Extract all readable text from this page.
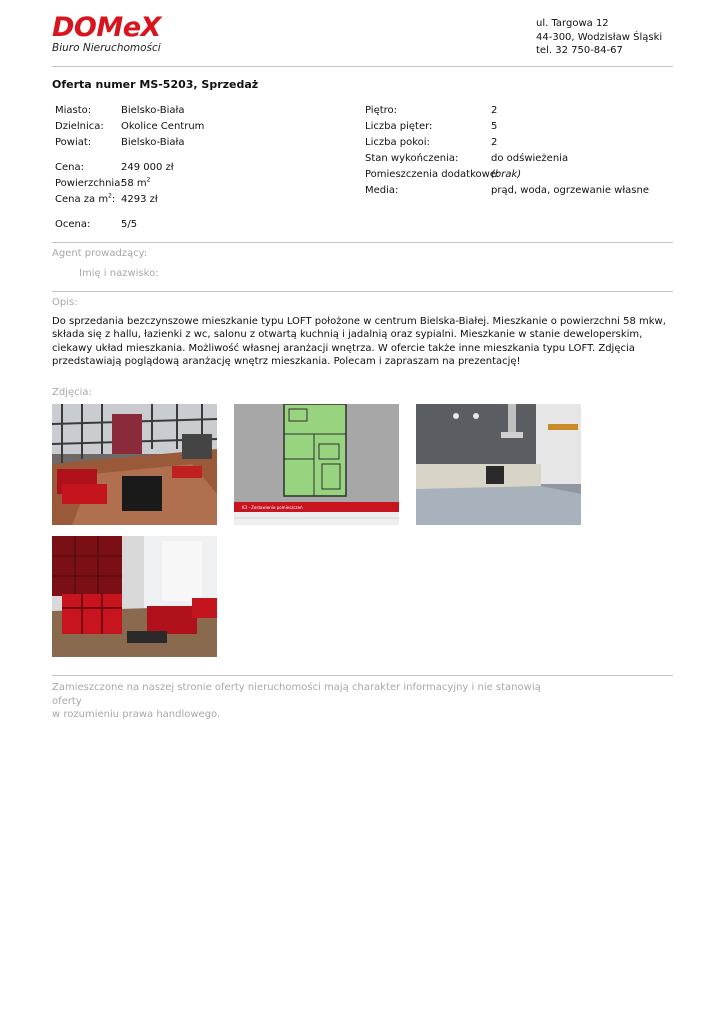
DOMeX
Biuro Nieruchomości
ul. Targowa 12
44-300, Wodzisław Śląski
tel. 32 750-84-67
Oferta numer MS-5203, Sprzedaż
Miasto:	Bielsko-Biała
Dzielnica: Okolice Centrum
Powiat:	Bielsko-Biała
Cena:	249 000 zł
Powierzchnia:
58 $m^2$
Cena za $m^2$: 4293 zł
Ocena:	5/5
Piętro:	2
Liczba pięter:	5
Liczba pokoi:	2
Stan wykończenia:	do odświeżenia
Pomieszczenia dodatkowe:
(brak)
Media:	prąd, woda, ogrzewanie własne
Agent prowadzący:
Imię i nazwisko:
Opis:
Do sprzedania bezczynszowe mieszkanie typu LOFT położone w centrum Bielska-Białej. Mieszkanie o powierzchni 58 mkw, składa się z hallu, łazienki z wc, salonu z otwartą kuchnią i jadalnią oraz sypialni. Mieszkanie w stanie deweloperskim, ciekawy układ mieszkania. Możliwość własnej aranżacji wnętrza. W ofercie także inne mieszkania typu LOFT. Zdjęcia przedstawiają poglądową aranżację wnętrz mieszkania. Polecam i zapraszam na prezentację!
Zdjęcia:
K3 - Zestawienie pomieszczeń
Zamieszczone na naszej stronie oferty nieruchomości mają charakter informacyjny i nie stanowią oferty
w rozumieniu prawa handlowego.
